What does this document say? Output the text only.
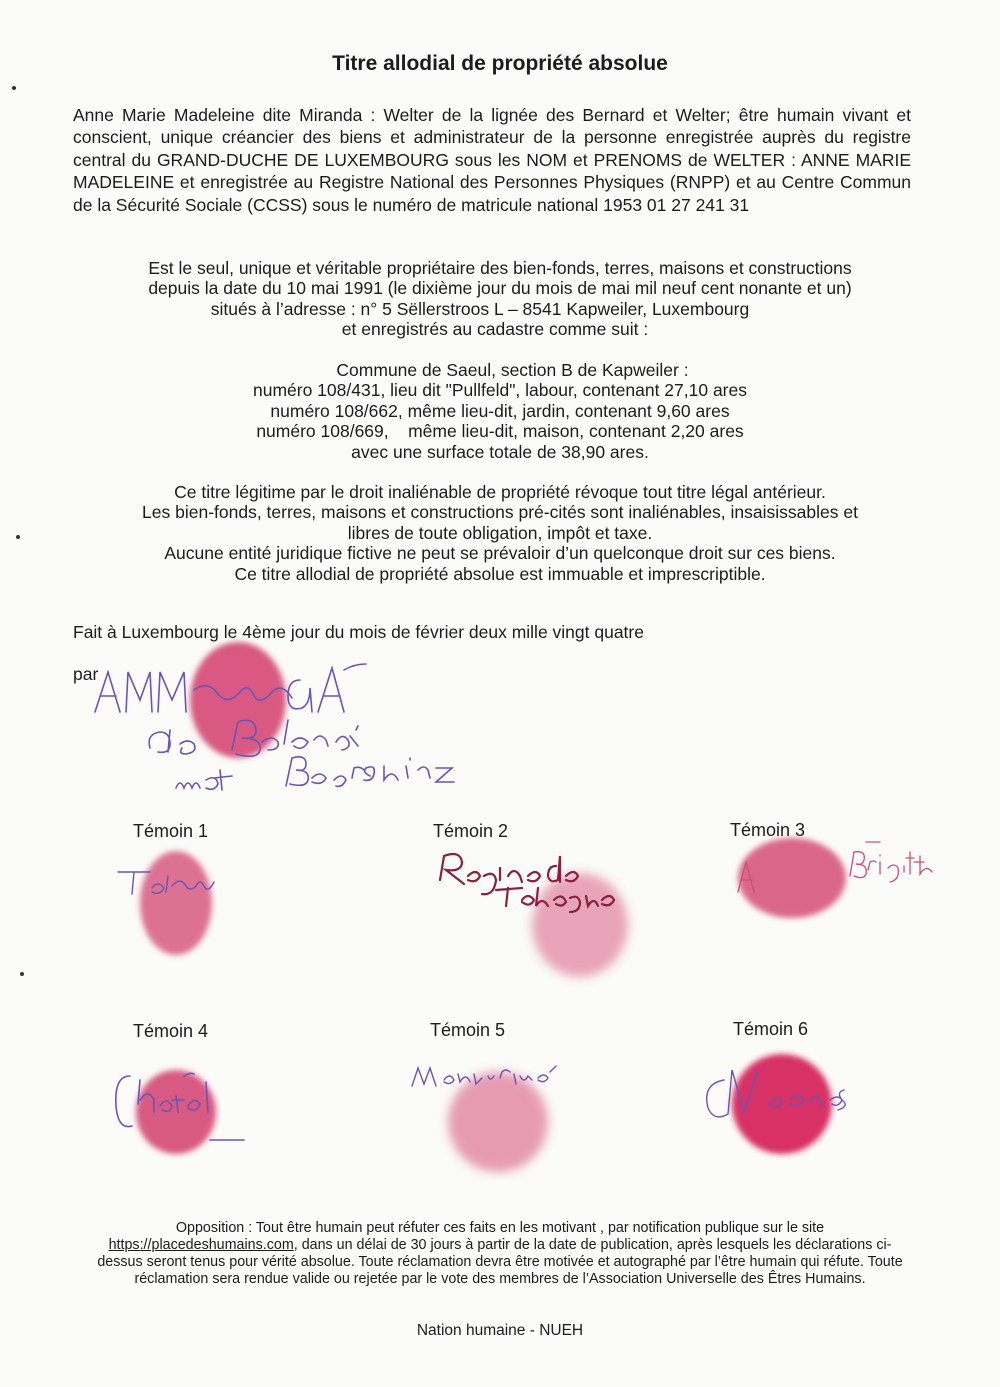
Titre allodial de propriété absolue
Anne Marie Madeleine dite Miranda : Welter de la lignée des Bernard et Welter; être humain vivant et conscient, unique créancier des biens et administrateur de la personne enregistrée auprès du registre central du GRAND-DUCHE DE LUXEMBOURG sous les NOM et PRENOMS de WELTER : ANNE MARIE MADELEINE et enregistrée au Registre National des Personnes Physiques (RNPP) et au Centre Commun de la Sécurité Sociale (CCSS) sous le numéro de matricule national 1953 01 27 241 31
Est le seul, unique et véritable propriétaire des bien-fonds, terres, maisons et constructions
depuis la date du 10 mai 1991 (le dixième jour du mois de mai mil neuf cent nonante et un)
situés à l’adresse : n° 5 Sëllerstroos L – 8541 Kapweiler, Luxembourg
et enregistrés au cadastre comme suit :
Commune de Saeul, section B de Kapweiler :
numéro 108/431, lieu dit "Pullfeld", labour, contenant 27,10 ares
numéro 108/662, même lieu-dit, jardin, contenant 9,60 ares
numéro 108/669,    même lieu-dit, maison, contenant 2,20 ares
avec une surface totale de 38,90 ares.
Ce titre légitime par le droit inaliénable de propriété révoque tout titre légal antérieur.
Les bien-fonds, terres, maisons et constructions pré-cités sont inaliénables, insaisissables et
libres de toute obligation, impôt et taxe.
Aucune entité juridique fictive ne peut se prévaloir d’un quelconque droit sur ces biens.
Ce titre allodial de propriété absolue est immuable et imprescriptible.
Fait à Luxembourg le 4ème jour du mois de février deux mille vingt quatre
par
Témoin 1	Témoin 2	Témoin 3
Témoin 4	Témoin 5	Témoin 6
Opposition : Tout être humain peut réfuter ces faits en les motivant , par notification publique sur le site https://placedeshumains.com, dans un délai de 30 jours à partir de la date de publication, après lesquels les déclarations ci-dessus seront tenus pour vérité absolue. Toute réclamation devra être motivée et autographé par l’être humain qui réfute. Toute réclamation sera rendue valide ou rejetée par le vote des membres de l’Association Universelle des Êtres Humains.
Nation humaine - NUEH
